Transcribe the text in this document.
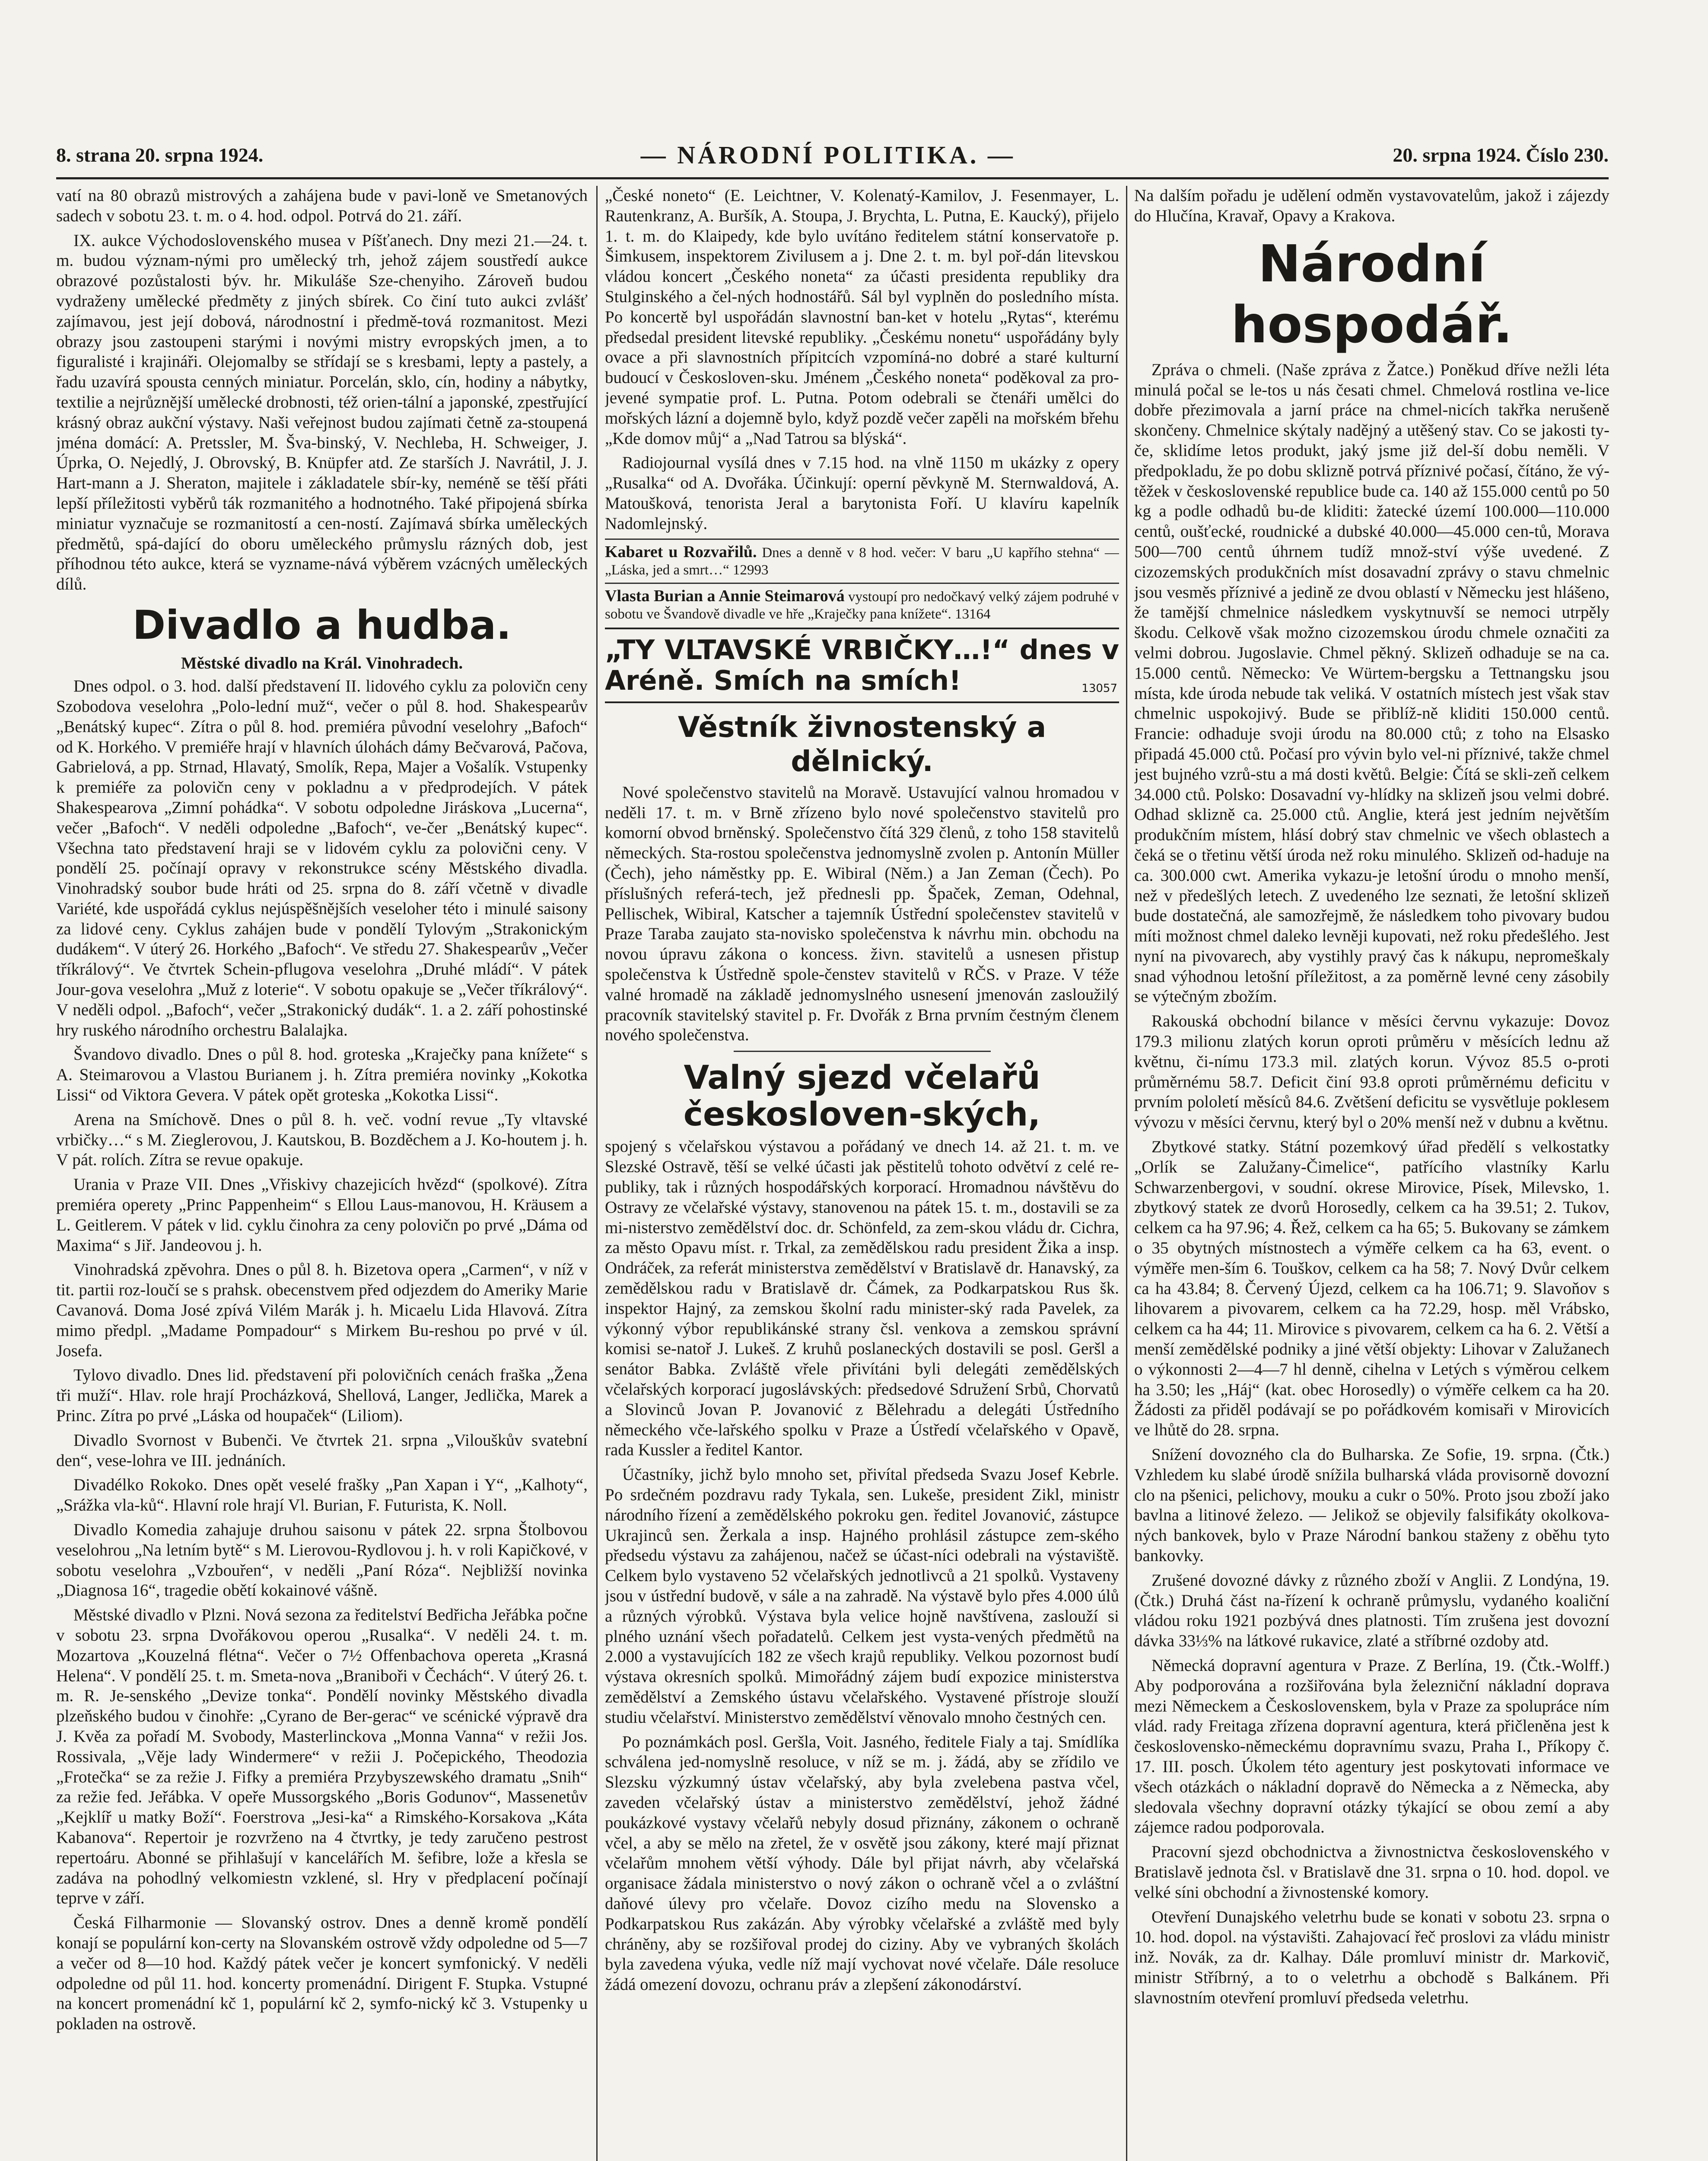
8. strana 20. srpna 1924.	— NÁRODNÍ POLITIKA. —	20. srpna 1924. Číslo 230.

vatí na 80 obrazů mistrových a zahájena bude v pavi-loně ve Smetanových sadech v sobotu 23. t. m. o 4. hod. odpol. Potrvá do 21. září.

IX. aukce Východoslovenského musea v Píšťanech. Dny mezi 21.—24. t. m. budou význam-nými pro umělecký trh, jehož zájem soustředí aukce obrazové pozůstalosti býv. hr. Mikuláše Sze-chenyiho. Zároveň budou vydraženy umělecké předměty z jiných sbírek. Co činí tuto aukci zvlášť zajímavou, jest její dobová, národnostní i předmě-tová rozmanitost. Mezi obrazy jsou zastoupeni starými i novými mistry evropských jmen, a to figuralisté i krajináři. Olejomalby se střídají se s kresbami, lepty a pastely, a řadu uzavírá spousta cenných miniatur. Porcelán, sklo, cín, hodiny a nábytky, textilie a nejrůznější umělecké drobnosti, též orien-tální a japonské, zpestřující krásný obraz aukční výstavy. Naši veřejnost budou zajímati četně za-stoupená jména domácí: A. Pretssler, M. Šva-binský, V. Nechleba, H. Schweiger, J. Úprka, O. Nejedlý, J. Obrovský, B. Knüpfer atd. Ze starších J. Navrátil, J. J. Hart-mann a J. Sheraton, majitele i základatele sbír-ky, neméně se těší přáti lepší příležitosti vyběrů ták rozmanitého a hodnotného. Také připojená sbírka miniatur vyznačuje se rozmanitostí a cen-ností. Zajímavá sbírka uměleckých předmětů, spá-dající do oboru uměleckého průmyslu rázných dob, jest příhodnou této aukce, která se vyzname-nává výběrem vzácných uměleckých dílů.

Divadlo a hudba.
Městské divadlo na Král. Vinohradech.

Dnes odpol. o 3. hod. další představení II. lidového cyklu za polovičn ceny Szobodova veselohra „Polo-lední muž“, večer o půl 8. hod. Shakespearův „Benátský kupec“. Zítra o půl 8. hod. premiéra původní veselohry „Bafoch“ od K. Horkého. V premiéře hrají v hlavních úlohách dámy Bečvarová, Pačova, Gabrielová, a pp. Strnad, Hlavatý, Smolík, Repa, Majer a Vošalík. Vstupenky k premiéře za polovičn ceny v pokladnu a v předprodejích. V pátek Shakespearova „Zimní pohádka“. V sobotu odpoledne Jiráskova „Lucerna“, večer „Bafoch“. V neděli odpoledne „Bafoch“, ve-čer „Benátský kupec“. Všechna tato představení hraji se v lidovém cyklu za polovični ceny. V pondělí 25. počínají opravy v rekonstrukce scény Městského divadla. Vinohradský soubor bude hráti od 25. srpna do 8. září včetně v divadle Variété, kde uspořádá cyklus nejúspěšnějších veseloher této i minulé saisony za lidové ceny. Cyklus zahájen bude v pondělí Tylovým „Strakonickým dudákem“. V úterý 26. Horkého „Bafoch“. Ve středu 27. Shakespearův „Večer tříkrálový“. Ve čtvrtek Schein-pflugova veselohra „Druhé mládí“. V pátek Jour-gova veselohra „Muž z loterie“. V sobotu opakuje se „Večer tříkrálový“. V neděli odpol. „Bafoch“, večer „Strakonický dudák“. 1. a 2. září pohostinské hry ruského národního orchestru Balalajka.

Švandovo divadlo. Dnes o půl 8. hod. groteska „Kraječky pana knížete“ s A. Steimarovou a Vlastou Burianem j. h. Zítra premiéra novinky „Kokotka Lissi“ od Viktora Gevera. V pátek opět groteska „Kokotka Lissi“.

Arena na Smíchově. Dnes o půl 8. h. več. vodní revue „Ty vltavské vrbičky…“ s M. Zieglerovou, J. Kautskou, B. Bozděchem a J. Ko-houtem j. h. V pát. rolích. Zítra se revue opakuje.

Urania v Praze VII. Dnes „Vřiskivy chazejicích hvězd“ (spolkové). Zítra premiéra operety „Princ Pappenheim“ s Ellou Laus-manovou, H. Kräusem a L. Geitlerem. V pátek v lid. cyklu činohra za ceny polovičn po prvé „Dáma od Maxima“ s Jiř. Jandeovou j. h.

Vinohradská zpěvohra. Dnes o půl 8. h. Bizetova opera „Carmen“, v níž v tit. partii roz-loučí se s prahsk. obecenstvem před odjezdem do Ameriky Marie Cavanová. Doma José zpívá Vilém Marák j. h. Micaelu Lida Hlavová. Zítra mimo předpl. „Madame Pompadour“ s Mirkem Bu-reshou po prvé v úl. Josefa.

Tylovo divadlo. Dnes lid. představení při polovičních cenách fraška „Žena tři muží“. Hlav. role hrají Procházková, Shellová, Langer, Jedlička, Marek a Princ. Zítra po prvé „Láska od houpaček“ (Liliom).

Divadlo Svornost v Bubenči. Ve čtvrtek 21. srpna „Vilouškův svatební den“, vese-lohra ve III. jednáních.

Divadélko Rokoko. Dnes opět veselé frašky „Pan Xapan i Y“, „Kalhoty“, „Srážka vla-ků“. Hlavní role hrají Vl. Burian, F. Futurista, K. Noll.

Divadlo Komedia zahajuje druhou saisonu v pátek 22. srpna Štolbovou veselohrou „Na letním bytě“ s M. Lierovou-Rydlovou j. h. v roli Kapičkové, v sobotu veselohra „Vzbouřen“, v neděli „Paní Róza“. Nejbližší novinka „Diagnosa 16“, tragedie obětí kokainové vášně.

Městské divadlo v Plzni. Nová sezona za ředitelství Bedřicha Jeřábka počne v sobotu 23. srpna Dvořákovou operou „Rusalka“. V neděli 24. t. m. Mozartova „Kouzelná flétna“. Večer o 7½ Offenbachova opereta „Krasná Helena“. V pondělí 25. t. m. Smeta-nova „Braniboři v Čechách“. V úterý 26. t. m. R. Je-senského „Devize tonka“. Pondělí novinky Městského divadla plzeňského budou v činohře: „Cyrano de Ber-gerac“ ve scénické výpravě dra J. Kvěa za pořadí M. Svobody, Masterlinckova „Monna Vanna“ v režii Jos. Rossivala, „Věje lady Windermere“ v režii J. Počepického, Theodozia „Frotečka“ se za režie J. Fifky a premiéra Przybyszewského dramatu „Snih“ za režie fed. Jeřábka. V opeře Mussorgského „Boris Godunov“, Massenetův „Kejklíř u matky Boží“. Foerstrova „Jesi-ka“ a Rimského-Korsakova „Káta Kabanova“. Repertoir je rozvrženo na 4 čtvrtky, je tedy zaručeno pestrost repertoáru. Abonné se přihlašují v kancelářích M. šefibre, lože a křesla se zadáva na pohodlný velkomiestn vzklené, sl. Hry v předplacení počínají teprve v září.

Česká Filharmonie — Slovanský ostrov. Dnes a denně kromě pondělí konají se populární kon-certy na Slovanském ostrově vždy odpoledne od 5—7 a večer od 8—10 hod. Každý pátek večer je koncert symfonický. V neděli odpoledne od půl 11. hod. koncerty promenádní. Dirigent F. Stupka. Vstupné na koncert promenádní kč 1, populární kč 2, symfo-nický kč 3. Vstupenky u pokladen na ostrově.

„České noneto“ (E. Leichtner, V. Kolenatý-Kamilov, J. Fesenmayer, L. Rautenkranz, A. Buršík, A. Stoupa, J. Brychta, L. Putna, E. Kaucký), přijelo 1. t. m. do Klaipedy, kde bylo uvítáno ředitelem státní konservatoře p. Šimkusem, inspektorem Zivilusem a j. Dne 2. t. m. byl poř-dán litevskou vládou koncert „Českého noneta“ za účasti presidenta republiky dra Stulginského a čel-ných hodnostářů. Sál byl vyplněn do posledního místa. Po koncertě byl uspořádán slavnostní ban-ket v hotelu „Rytas“, kterému předsedal president litevské republiky. „Českému nonetu“ uspořádány byly ovace a při slavnostních přípitcích vzpomíná-no dobré a staré kulturní budoucí v Českosloven-sku. Jménem „Českého noneta“ poděkoval za pro-jevené sympatie prof. L. Putna. Potom odebrali se čtenáři umělci do mořských lázní a dojemně bylo, když pozdě večer zapěli na mořském břehu „Kde domov můj“ a „Nad Tatrou sa blýská“.

Radiojournal vysílá dnes v 7.15 hod. na vlně 1150 m ukázky z opery „Rusalka“ od A. Dvořáka. Účinkují: operní pěvkyně M. Sternwaldová, A. Matoušková, tenorista Jeral a barytonista Foří. U klavíru kapelník Nadomlejnský.

Kabaret u Rozvařilů. Dnes a denně v 8 hod. večer: V baru „U kapřího stehna“ — „Láska, jed a smrt…“ 12993
Vlasta Burian a Annie Steimarová vystoupí pro nedočkavý velký zájem podruhé v sobotu ve Švandově divadle ve hře „Kraječky pana knížete“. 13164
„TY VLTAVSKÉ VRBIČKY…!“ dnes v Aréně. Smích na smích!	13057
Věstník živnostenský a dělnický.

Nové společenstvo stavitelů na Moravě. Ustavující valnou hromadou v neděli 17. t. m. v Brně zřízeno bylo nové společenstvo stavitelů pro komorní obvod brněnský. Společenstvo čítá 329 členů, z toho 158 stavitelů německých. Sta-rostou společenstva jednomyslně zvolen p. Antonín Müller (Čech), jeho náměstky pp. E. Wibiral (Něm.) a Jan Zeman (Čech). Po příslušných referá-tech, jež přednesli pp. Špaček, Zeman, Odehnal, Pellischek, Wibiral, Katscher a tajemník Ústřední společenstev stavitelů v Praze Taraba zaujato sta-novisko společenstva k návrhu min. obchodu na novou úpravu zákona o koncess. živn. stavitelů a usnesen přistup společenstva k Ústředně spole-čenstev stavitelů v RČS. v Praze. V téže valné hromadě na základě jednomyslného usnesení jmenován zasloužilý pracovník stavitelský stavitel p. Fr. Dvořák z Brna prvním čestným členem nového společenstva.

Valný sjezd včelařů českosloven-ských,

spojený s včelařskou výstavou a pořádaný ve dnech 14. až 21. t. m. ve Slezské Ostravě, těší se velké účasti jak pěstitelů tohoto odvětví z celé re-publiky, tak i různých hospodářských korporací. Hromadnou návštěvu do Ostravy ze včelařské výstavy, stanovenou na pátek 15. t. m., dostavili se za mi-nisterstvo zemědělství doc. dr. Schönfeld, za zem-skou vládu dr. Cichra, za město Opavu míst. r. Trkal, za zemědělskou radu president Žika a insp. Ondráček, za referát ministerstva zemědělství v Bratislavě dr. Hanavský, za zemědělskou radu v Bratislavě dr. Čámek, za Podkarpatskou Rus šk. inspektor Hajný, za zemskou školní radu minister-ský rada Pavelek, za výkonný výbor republikánské strany čsl. venkova a zemskou správní komisi se-natoř J. Lukeš. Z kruhů poslaneckých dostavili se posl. Geršl a senátor Babka. Zvláště vřele přivítáni byli delegáti zemědělských včelařských korporací jugoslávských: předsedové Sdružení Srbů, Chorvatů a Slovinců Jovan P. Jovanović z Bělehradu a delegáti Ústředního německého vče-lařského spolku v Praze a Ústředí včelařského v Opavě, rada Kussler a ředitel Kantor.

Účastníky, jichž bylo mnoho set, přivítal předseda Svazu Josef Kebrle. Po srdečném pozdravu rady Tykala, sen. Lukeše, president Zikl, ministr národního řízení a zemědělského pokroku gen. ředitel Jovanović, zástupce Ukrajinců sen. Žerkala a insp. Hajného prohlásil zástupce zem-ského předsedu výstavu za zahájenou, načež se účast-níci odebrali na výstaviště. Celkem bylo vystaveno 52 včelařských jednotlivců a 21 spolků. Vystaveny jsou v ústřední budově, v sále a na zahradě. Na výstavě bylo přes 4.000 úlů a různých výrobků. Výstava byla velice hojně navštívena, zaslouží si plného uznání všech pořadatelů. Celkem jest vysta-vených předmětů na 2.000 a vystavujících 182 ze všech krajů republiky. Velkou pozornost budí výstava okresních spolků. Mimořádný zájem budí expozice ministerstva zemědělství a Zemského ústavu včelařského. Vystavené přístroje slouží studiu včelařství. Ministerstvo zemědělství věnovalo mnoho čestných cen.

Po poznámkách posl. Geršla, Voit. Jasného, ředitele Fialy a taj. Smídlíka schválena jed-nomyslně resoluce, v níž se m. j. žádá, aby se zřídilo ve Slezsku výzkumný ústav včelařský, aby byla zvelebena pastva včel, zaveden včelařský ústav a ministerstvo zemědělství, jehož žádné poukázkové vystavy včelařů nebyly dosud přiznány, zákonem o ochraně včel, a aby se mělo na zřetel, že v osvětě jsou zákony, které mají přiznat včelařům mnohem větší výhody. Dále byl přijat návrh, aby včelařská organisace žádala ministerstvo o nový zákon o ochraně včel a o zvláštní daňové úlevy pro včelaře. Dovoz cizího medu na Slovensko a Podkarpatskou Rus zakázán. Aby výrobky včelařské a zvláště med byly chráněny, aby se rozšiřoval prodej do ciziny. Aby ve vybraných školách byla zavedena výuka, vedle níž mají vychovat nové včelaře. Dále resoluce žádá omezení dovozu, ochranu práv a zlepšení zákonodárství.

Na dalším pořadu je udělení odměn vystavovatelům, jakož i zájezdy do Hlučína, Kravař, Opavy a Krakova.

Národní hospodář.

Zpráva o chmeli. (Naše zpráva z Žatce.) Poněkud dříve nežli léta minulá počal se le-tos u nás česati chmel. Chmelová rostlina ve-lice dobře přezimovala a jarní práce na chmel-nicích takřka nerušeně skončeny. Chmelnice skýtaly nadějný a utěšený stav. Co se jakosti ty-če, sklidíme letos produkt, jaký jsme již del-ší dobu neměli. V předpokladu, že po dobu sklizně potrvá příznivé počasí, čítáno, že vý-těžek v československé republice bude ca. 140 až 155.000 centů po 50 kg a podle odhadů bu-de kliditi: žatecké území 100.000—110.000 centů, oušťecké, roudnické a dubské 40.000—45.000 cen-tů, Morava 500—700 centů úhrnem tudíž množ-ství výše uvedené. Z cizozemských produkčních míst dosavadní zprávy o stavu chmelnic jsou vesměs příznivé a jedině ze dvou oblastí v Německu jest hlášeno, že tamější chmelnice následkem vyskytnuvší se nemoci utrpěly škodu. Celkově však možno cizozemskou úrodu chmele označiti za velmi dobrou. Jugoslavie. Chmel pěkný. Sklizeň odhaduje se na ca. 15.000 centů. Německo: Ve Würtem-bergsku a Tettnangsku jsou místa, kde úroda nebude tak veliká. V ostatních místech jest však stav chmelnic uspokojivý. Bude se přiblíž-ně kliditi 150.000 centů. Francie: odhaduje svoji úrodu na 80.000 ctů; z toho na Elsasko připadá 45.000 ctů. Počasí pro vývin bylo vel-ni příznivé, takže chmel jest bujného vzrů-stu a má dosti květů. Belgie: Čítá se skli-zeň celkem 34.000 ctů. Polsko: Dosavadní vy-hlídky na sklizeň jsou velmi dobré. Odhad sklizně ca. 25.000 ctů. Anglie, která jest jedním největším produkčním místem, hlásí dobrý stav chmelnic ve všech oblastech a čeká se o třetinu větší úroda než roku minulého. Sklizeň od-haduje na ca. 300.000 cwt. Amerika vykazu-je letošní úrodu o mnoho menší, než v předešlých letech. Z uvedeného lze seznati, že letošní sklizeň bude dostatečná, ale samozřejmě, že následkem toho pivovary budou míti možnost chmel daleko levněji kupovati, než roku předešlého. Jest nyní na pivovarech, aby vystihly pravý čas k nákupu, nepromeškaly snad výhodnou letošní příležitost, a za poměrně levné ceny zásobily se výtečným zbožím.

Rakouská obchodní bilance v měsíci červnu vykazuje: Dovoz 179.3 milionu zlatých korun oproti průměru v měsících lednu až květnu, či-nímu 173.3 mil. zlatých korun. Vývoz 85.5 o-proti průměrnému 58.7. Deficit činí 93.8 oproti průměrnému deficitu v prvním pololetí měsíců 84.6. Zvětšení deficitu se vysvětluje poklesem vývozu v měsíci červnu, který byl o 20% menší než v dubnu a květnu.

Zbytkové statky. Státní pozemkový úřad předělí s velkostatky „Orlík se Zalužany-Čimelice“, patřícího vlastníky Karlu Schwarzenbergovi, v soudní. okrese Mirovice, Písek, Milevsko, 1. zbytkový statek ze dvorů Horosedly, celkem ca ha 39.51; 2. Tukov, celkem ca ha 97.96; 4. Řež, celkem ca ha 65; 5. Bukovany se zámkem o 35 obytných místnostech a výměře celkem ca ha 63, event. o výměře men-ším 6. Touškov, celkem ca ha 58; 7. Nový Dvůr celkem ca ha 43.84; 8. Červený Újezd, celkem ca ha 106.71; 9. Slavoňov s lihovarem a pivovarem, celkem ca ha 72.29, hosp. měl Vrábsko, celkem ca ha 44; 11. Mirovice s pivovarem, celkem ca ha 6. 2. Větší a menší zemědělské podniky a jiné větší objekty: Lihovar v Zalužanech o výkonnosti 2—4—7 hl denně, cihelna v Letých s výměrou celkem ha 3.50; les „Háj“ (kat. obec Horosedly) o výměře celkem ca ha 20. Žádosti za přiděl podávají se po pořádkovém komisaři v Mirovicích ve lhůtě do 28. srpna.

Snížení dovozného cla do Bulharska. Ze Sofie, 19. srpna. (Čtk.) Vzhledem ku slabé úrodě snížila bulharská vláda provisorně dovozní clo na pšenici, pelichovy, mouku a cukr o 50%. Proto jsou zboží jako bavlna a litinové železo. — Jelikož se objevily falsifikáty okolkova-ných bankovek, bylo v Praze Národní bankou staženy z oběhu tyto bankovky.

Zrušené dovozné dávky z různého zboží v Anglii. Z Londýna, 19. (Čtk.) Druhá část na-řízení k ochraně průmyslu, vydaného koaliční vládou roku 1921 pozbývá dnes platnosti. Tím zrušena jest dovozní dávka 33⅓% na látkové rukavice, zlaté a stříbrné ozdoby atd.

Německá dopravní agentura v Praze. Z Berlína, 19. (Čtk.-Wolff.) Aby podporována a rozšiřována byla železniční nákladní doprava mezi Německem a Československem, byla v Praze za spolupráce ním vlád. rady Freitaga zřízena dopravní agentura, která přičleněna jest k československo-německému dopravnímu svazu, Praha I., Příkopy č. 17. III. posch. Úkolem této agentury jest poskytovati informace ve všech otázkách o nákladní dopravě do Německa a z Německa, aby sledovala všechny dopravní otázky týkající se obou zemí a aby zájemce radou podporovala.

Pracovní sjezd obchodnictva a živnostnictva československého v Bratislavě jednota čsl. v Bratislavě dne 31. srpna o 10. hod. dopol. ve velké síni obchodní a živnostenské komory.

Otevření Dunajského veletrhu bude se konati v sobotu 23. srpna o 10. hod. dopol. na výstavišti. Zahajovací řeč proslovi za vládu ministr inž. Novák, za dr. Kalhay. Dále promluví ministr dr. Markovič, ministr Stříbrný, a to o veletrhu a obchodě s Balkánem. Při slavnostním otevření promluví předseda veletrhu.
